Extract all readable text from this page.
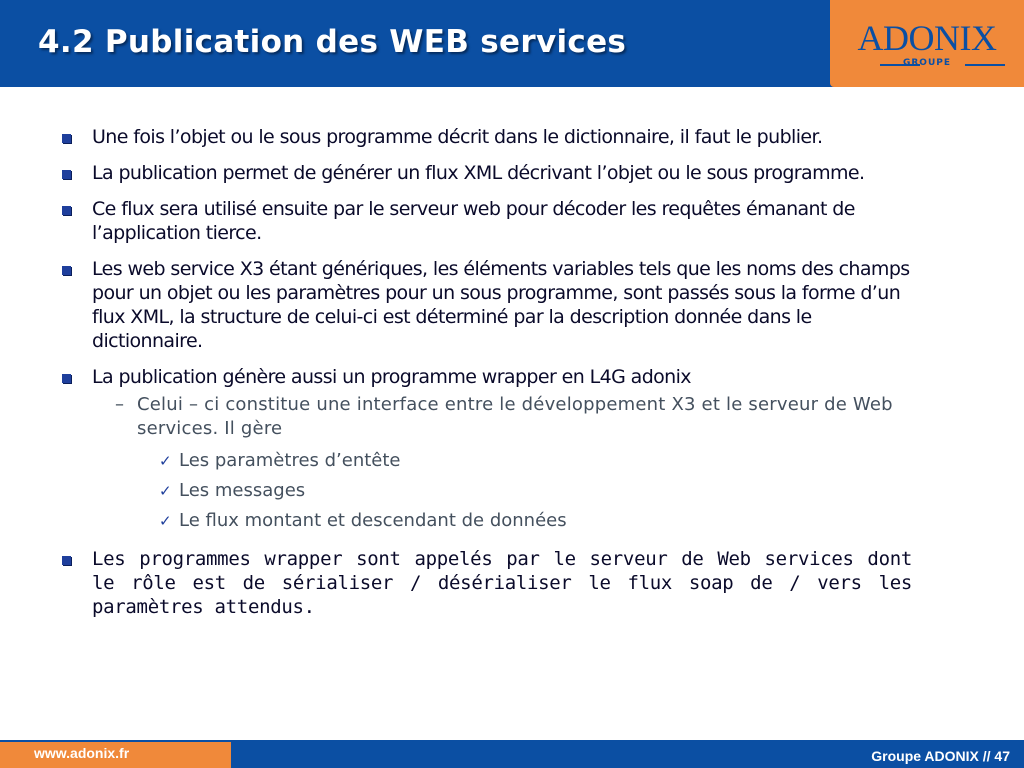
4.2 Publication des WEB services	ADONIX
GROUPE
Une fois l’objet ou le sous programme décrit dans le dictionnaire, il faut le publier.
La publication permet de générer un flux XML décrivant l’objet ou le sous programme.
Ce flux sera utilisé ensuite par le serveur web pour décoder les requêtes émanant de l’application tierce.
Les web service X3 étant génériques, les éléments variables tels que les noms des champs pour un objet ou les paramètres pour un sous programme, sont passés sous la forme d’un flux XML, la structure de celui-ci est déterminé par la description donnée dans le dictionnaire.
La publication génère aussi un programme wrapper en L4G adonix
– Celui – ci constitue une interface entre le développement X3 et le serveur de Web services. Il gère
✓ Les paramètres d’entête
✓ Les messages
✓ Le flux montant et descendant de données
Les programmes wrapper sont appelés par le serveur de Web services dont le rôle est de sérialiser / désérialiser le flux soap de / vers les paramètres attendus.
www.adonix.fr	Groupe ADONIX // 47
